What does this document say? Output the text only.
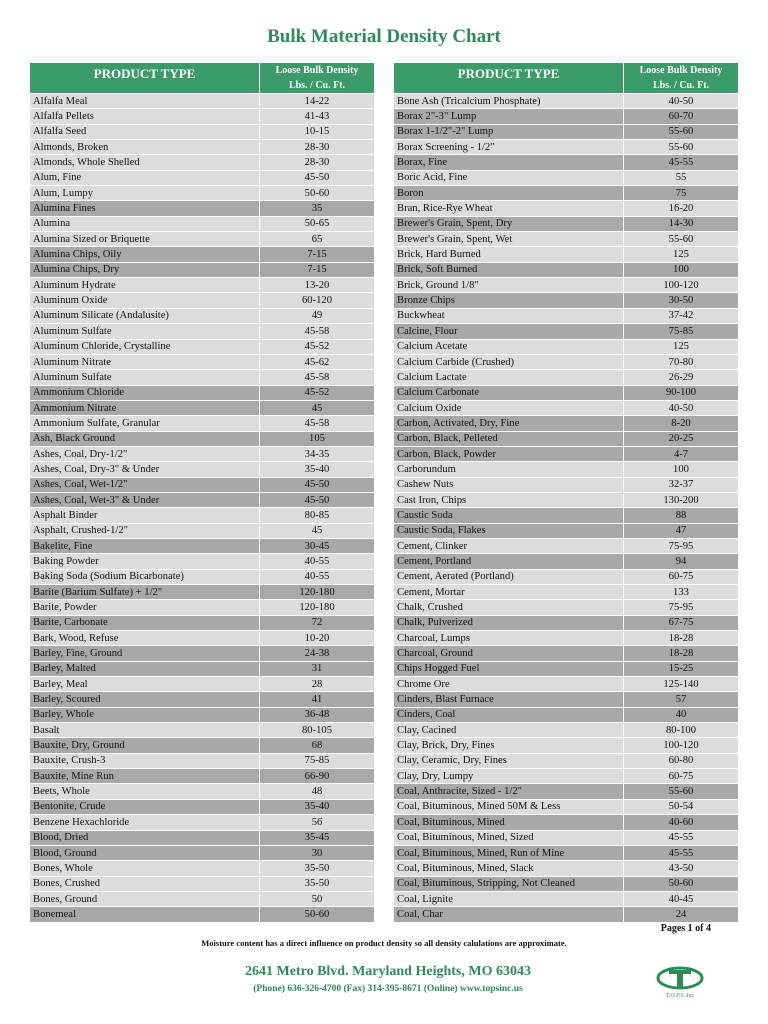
Bulk Material Density Chart
PRODUCT TYPE	Loose Bulk Density
Lbs. / Cu. Ft.
Alfalfa Meal	14-22
Alfalfa Pellets	41-43
Alfalfa Seed	10-15
Almonds, Broken	28-30
Almonds, Whole Shelled	28-30
Alum, Fine	45-50
Alum, Lumpy	50-60
Alumina Fines	35
Alumina	50-65
Alumina Sized or Briquette	65
Alumina Chips, Oily	7-15
Alumina Chips, Dry	7-15
Aluminum Hydrate	13-20
Aluminum Oxide	60-120
Aluminum Silicate (Andalusite)	49
Aluminum Sulfate	45-58
Aluminum Chloride, Crystalline	45-52
Aluminum Nitrate	45-62
Aluminum Sulfate	45-58
Ammonium Chloride	45-52
Ammonium Nitrate	45
Ammonium Sulfate, Granular	45-58
Ash, Black Ground	105
Ashes, Coal, Dry-1/2"	34-35
Ashes, Coal, Dry-3" & Under	35-40
Ashes, Coal, Wet-1/2"	45-50
Ashes, Coal, Wet-3" & Under	45-50
Asphalt Binder	80-85
Asphalt, Crushed-1/2"	45
Bakelite, Fine	30-45
Baking Powder	40-55
Baking Soda (Sodium Bicarbonate)	40-55
Barite (Barium Sulfate) + 1/2"	120-180
Barite, Powder	120-180
Barite, Carbonate	72
Bark, Wood, Refuse	10-20
Barley, Fine, Ground	24-38
Barley, Malted	31
Barley, Meal	28
Barley, Scoured	41
Barley, Whole	36-48
Basalt	80-105
Bauxite, Dry, Ground	68
Bauxite, Crush-3	75-85
Bauxite, Mine Run	66-90
Beets, Whole	48
Bentonite, Crude	35-40
Benzene Hexachloride	56
Blood, Dried	35-45
Blood, Ground	30
Bones, Whole	35-50
Bones, Crushed	35-50
Bones, Ground	50
Bonemeal	50-60
PRODUCT TYPE	Loose Bulk Density
Lbs. / Cu. Ft.
Bone Ash (Tricalcium Phosphate)	40-50
Borax 2"-3" Lump	60-70
Borax 1-1/2"-2" Lump	55-60
Borax Screening - 1/2"	55-60
Borax, Fine	45-55
Boric Acid, Fine	55
Boron	75
Bran, Rice-Rye Wheat	16-20
Brewer's Grain, Spent, Dry	14-30
Brewer's Grain, Spent, Wet	55-60
Brick, Hard Burned	125
Brick, Soft Burned	100
Brick, Ground 1/8"	100-120
Bronze Chips	30-50
Buckwheat	37-42
Calcine, Flour	75-85
Calcium Acetate	125
Calcium Carbide (Crushed)	70-80
Calcium Lactate	26-29
Calcium Carbonate	90-100
Calcium Oxide	40-50
Carbon, Activated, Dry, Fine	8-20
Carbon, Black, Pelleted	20-25
Carbon, Black, Powder	4-7
Carborundum	100
Cashew Nuts	32-37
Cast Iron, Chips	130-200
Caustic Soda	88
Caustic Soda, Flakes	47
Cement, Clinker	75-95
Cement, Portland	94
Cement, Aerated (Portland)	60-75
Cement, Mortar	133
Chalk, Crushed	75-95
Chalk, Pulverized	67-75
Charcoal, Lumps	18-28
Charcoal, Ground	18-28
Chips Hogged Fuel	15-25
Chrome Ore	125-140
Cinders, Blast Furnace	57
Cinders, Coal	40
Clay, Cacined	80-100
Clay, Brick, Dry, Fines	100-120
Clay, Ceramic, Dry, Fines	60-80
Clay, Dry, Lumpy	60-75
Coal, Anthracite, Sized - 1/2"	55-60
Coal, Bituminous, Mined 50M & Less	50-54
Coal, Bituminous, Mined	40-60
Coal, Bituminous, Mined, Sized	45-55
Coal, Bituminous, Mined, Run of Mine	45-55
Coal, Bituminous, Mined, Slack	43-50
Coal, Bituminous, Stripping, Not Cleaned	50-60
Coal, Lignite	40-45
Coal, Char	24
Pages 1 of 4
Moisture content has a direct influence on product density so all density calulations are approximate.
2641 Metro Blvd. Maryland Heights, MO 63043
(Phone) 636-326-4700 (Fax) 314-395-8671 (Online) www.topsinc.us
T.O.P.S. Inc
